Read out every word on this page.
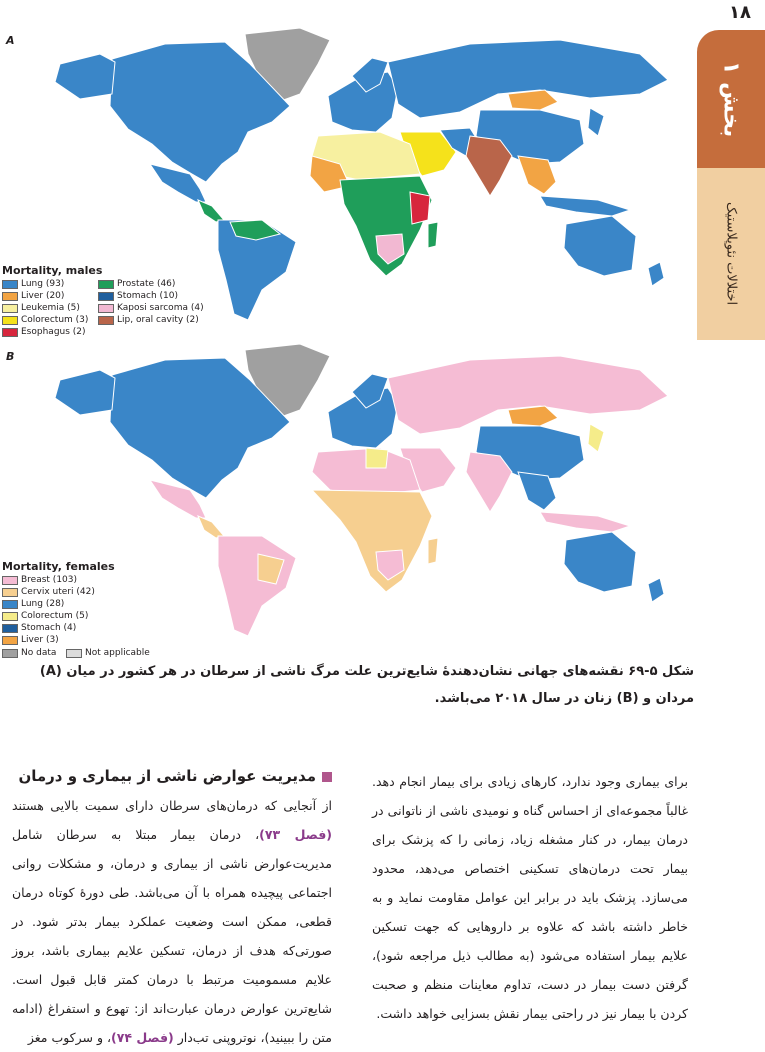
۱۸
بخش ۱
اختلالات نئوپلاستیک
A
Mortality, males
Lung (93)
Liver (20)
Leukemia (5)
Colorectum (3)
Esophagus (2)
Prostate (46)
Stomach (10)
Kaposi sarcoma (4)
Lip, oral cavity (2)
B
Mortality, females
Breast (103)
Cervix uteri (42)
Lung (28)
Colorectum (5)
Stomach (4)
Liver (3)
No data	Not applicable
شکل ۵-۶۹ نقشه‌های جهانی نشان‌دهندهٔ شایع‌ترین علت مرگ ناشی از سرطان در هر کشور در میان (A) مردان و (B) زنان در سال ۲۰۱۸ می‌باشد.
برای بیماری وجود ندارد، کارهای زیادی برای بیمار انجام دهد. غالباً مجموعه‌ای از احساس گناه و نومیدی ناشی از ناتوانی در درمان بیمار، در کنار مشغله زیاد، زمانی را که پزشک برای بیمار تحت درمان‌های تسکینی اختصاص می‌دهد، محدود می‌سازد. پزشک باید در برابر این عوامل مقاومت نماید و به خاطر داشته باشد که علاوه بر داروهایی که جهت تسکین علایم بیمار استفاده می‌شود (به مطالب ذیل مراجعه شود)، گرفتن دست بیمار در دست، تداوم معاینات منظم و صحبت کردن با بیمار نیز در راحتی بیمار نقش بسزایی خواهد داشت.
مدیریت عوارض ناشی از بیماری و درمان
از آنجایی که درمان‌های سرطان دارای سمیت بالایی هستند (فصل ۷۳)، درمان بیمار مبتلا به سرطان شامل مدیریت‌عوارض ناشی از بیماری و درمان، و مشکلات روانی اجتماعی پیچیده همراه با آن می‌باشد. طی دورهٔ کوتاه درمان قطعی، ممکن است وضعیت عملکرد بیمار بدتر شود. در صورتی‌که هدف از درمان، تسکین علایم بیماری باشد، بروز علایم مسمومیت مرتبط با درمان کمتر قابل قبول است. شایع‌ترین عوارض درمان عبارت‌اند از: تهوع و استفراغ (ادامه متن را ببینید)، نوتروپنی تب‌دار (فصل ۷۴)، و سرکوب مغز
